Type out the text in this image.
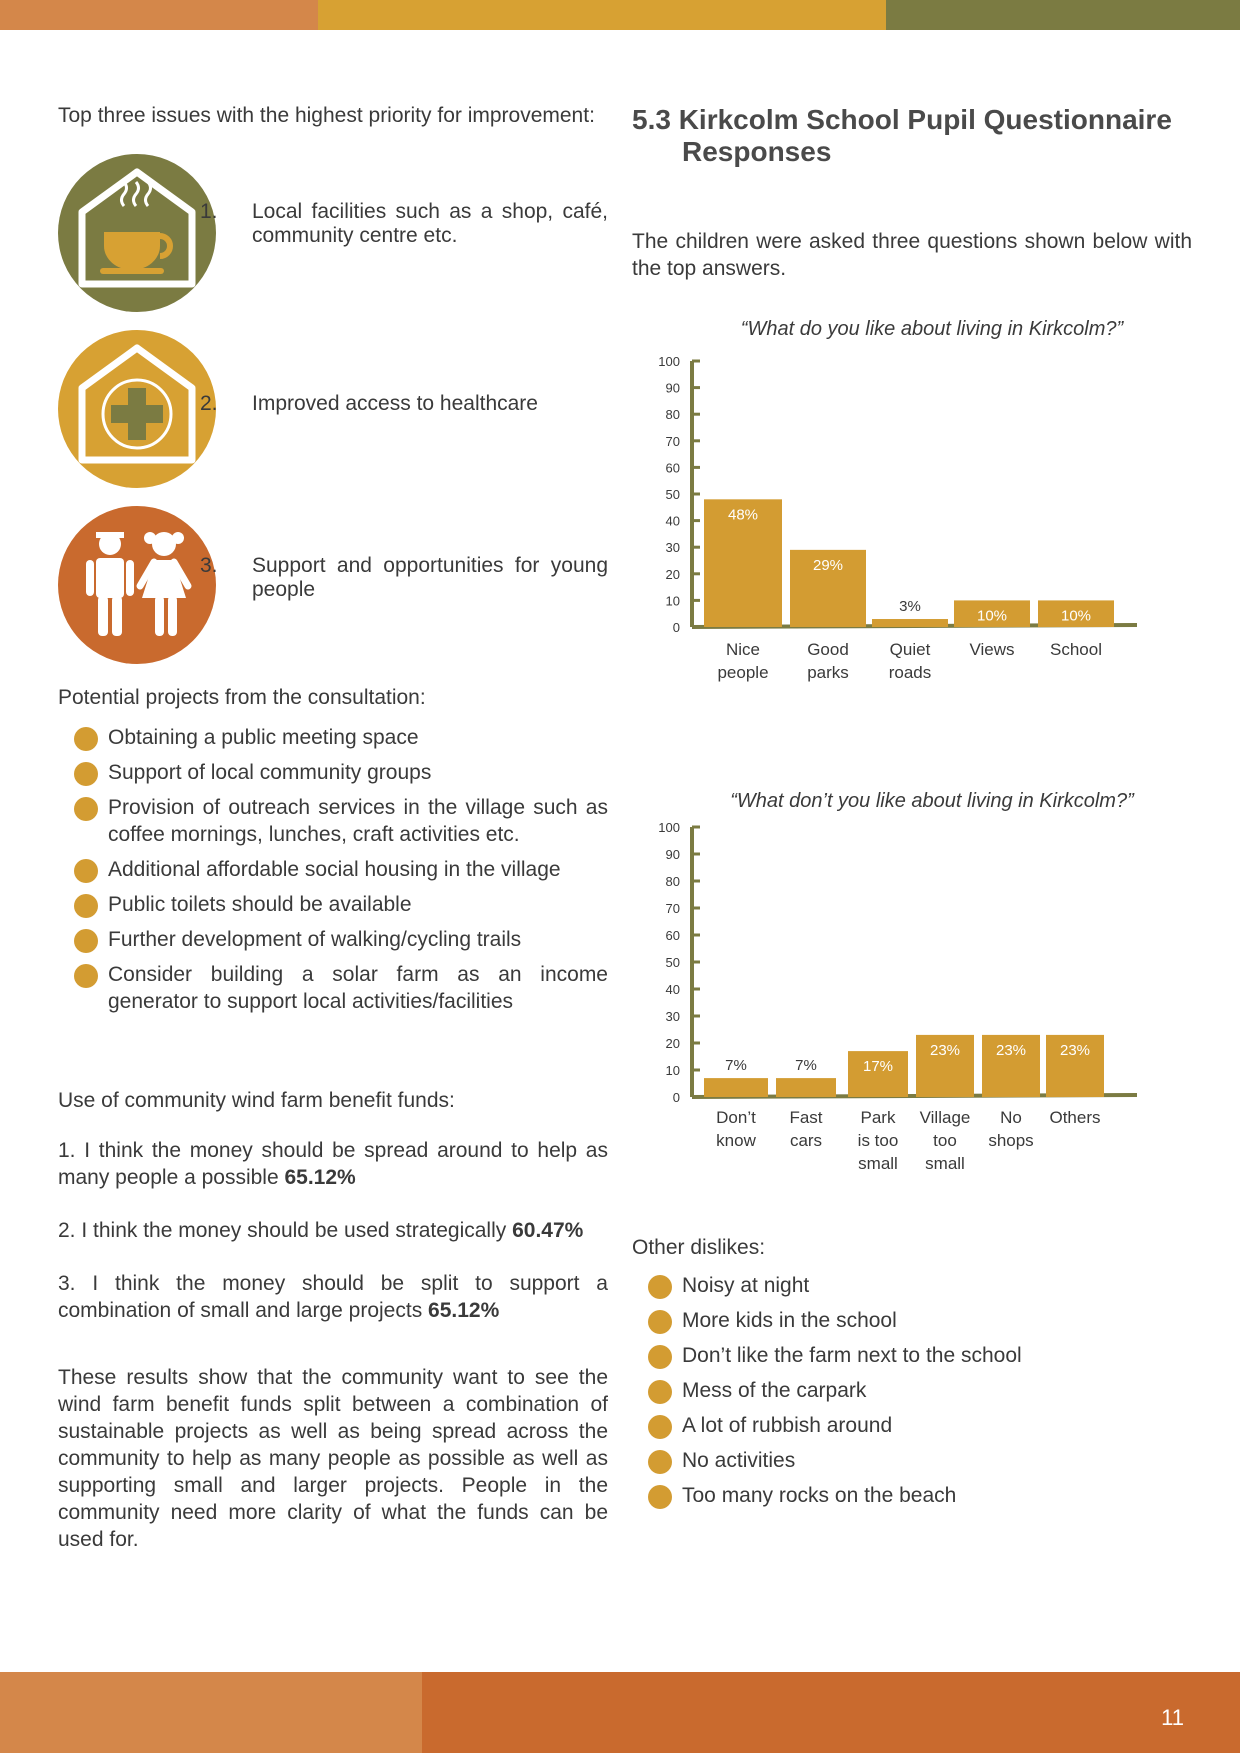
Top three issues with the highest priority for improvement:
1. Local facilities such as a shop, café, community centre etc.
2. Improved access to healthcare
3. Support and opportunities for young people
Potential projects from the consultation:
Obtaining a public meeting space
Support of local community groups
Provision of outreach services in the village such as coffee mornings, lunches, craft activities etc.
Additional affordable social housing in the village
Public toilets should be available
Further development of walking/cycling trails
Consider building a solar farm as an income generator to support local activities/facilities
Use of community wind farm benefit funds:

1. I think the money should be spread around to help as many people a possible 65.12%

2. I think the money should be used strategically 60.47%

3. I think the money should be split to support a combination of small and large projects 65.12%

These results show that the community want to see the wind farm benefit funds split between a combination of sustainable projects as well as being spread across the community to help as many people as possible as well as supporting small and larger projects. People in the community need more clarity of what the funds can be used for.

5.3 Kirkcolm School Pupil Questionnaire
Responses

The children were asked three questions shown below with the top answers.

“What do you like about living in Kirkcolm?”
0
10
20
30
40
50
60
70
80
90
100
48%
Nice
people
29%
Good
parks
3%
Quiet
roads
10%
Views
10%
School
“What don’t you like about living in Kirkcolm?”
0
10
20
30
40
50
60
70
80
90
100
7%
Don’t
know
7%
Fast
cars
17%
Park
is too
small
23%
Village
too
small
23%
No
shops
23%
Others
Other dislikes:
Noisy at night
More kids in the school
Don’t like the farm next to the school
Mess of the carpark
A lot of rubbish around
No activities
Too many rocks on the beach
11
